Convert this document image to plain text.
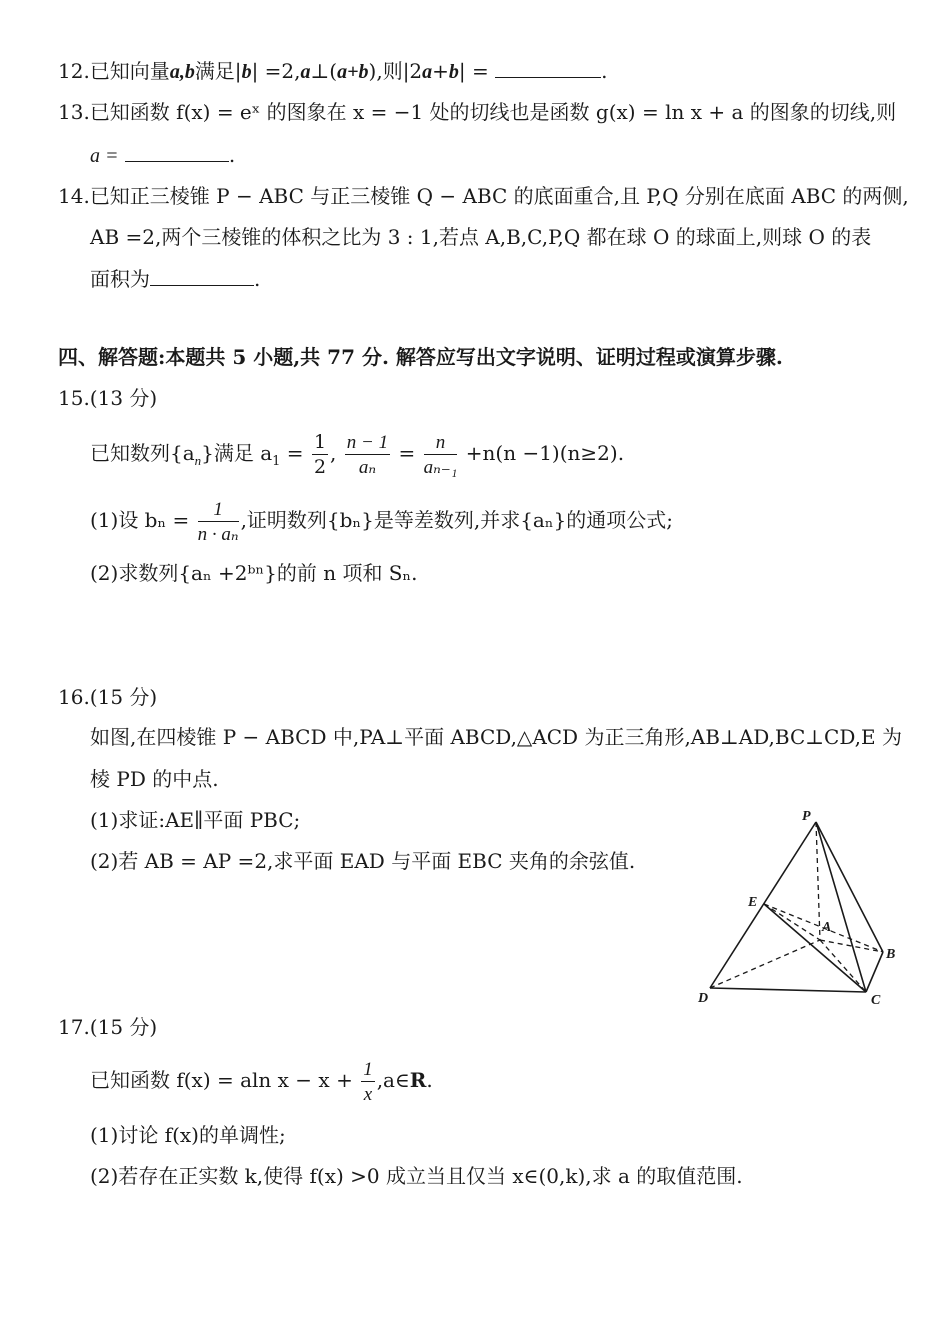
12.已知向量a,b满足|b| =2,a⊥(a+b),则|2a+b| =	.
13.已知函数 f(x) = eˣ 的图象在 x = −1 处的切线也是函数 g(x) = ln x + a 的图象的切线,则
a =	.
14.已知正三棱锥 P − ABC 与正三棱锥 Q − ABC 的底面重合,且 P,Q 分别在底面 ABC 的两侧,
AB =2,两个三棱锥的体积之比为 3 : 1,若点 A,B,C,P,Q 都在球 O 的球面上,则球 O 的表
面积为	.
四、解答题:本题共 5 小题,共 77 分. 解答应写出文字说明、证明过程或演算步骤.
15.(13 分)
已知数列$\{a_n\}$满足 $a_1 = \frac{1}{2}$ , $\frac{n - 1}{\text{aₙ}} = \frac{n}{\text{aₙ₋₁}} +n(n -1)(n\ge 2)$.
(1)设 $b_n = \frac{1}{\text{n · aₙ}}$ ,证明数列{bₙ}是等差数列,并求{aₙ}的通项公式;
(2)求数列{aₙ +2ᵇⁿ}的前 n 项和 Sₙ.
16.(15 分)
如图,在四棱锥 P − ABCD 中,PA⊥平面 ABCD,△ACD 为正三角形,AB⊥AD,BC⊥CD,E 为
棱 PD 的中点.
(1)求证:AE∥平面 PBC;
(2)若 AB = AP =2,求平面 EAD 与平面 EBC 夹角的余弦值.
P
E
A
B
C
D
17.(15 分)
已知函数 f(x) = aln $x - x + \frac{1}{x}$ ,a∈R.
(1)讨论 f(x)的单调性;
(2)若存在正实数 k,使得 f(x) >0 成立当且仅当 x∈(0,k),求 a 的取值范围.
